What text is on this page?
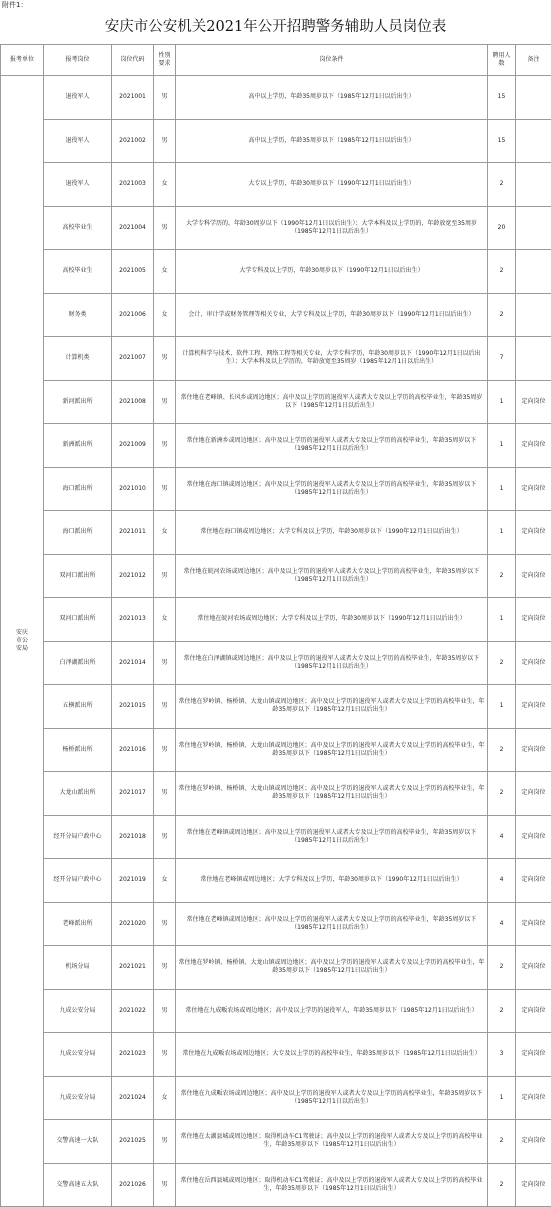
附件1：
安庆市公安机关2021年公开招聘警务辅助人员岗位表
报考单位	报考岗位	岗位代码	性别要求	岗位条件	聘用人数	备注
安庆市公安局	退役军人	2021001	男	高中以上学历，年龄35周岁以下（1985年12月1日以后出生）	15	
	退役军人	2021002	男	高中以上学历，年龄35周岁以下（1985年12月1日以后出生）	15	
	退役军人	2021003	女	大专以上学历，年龄30周岁以下（1990年12月1日以后出生）	2	
	高校毕业生	2021004	男	大学专科学历的，年龄30周岁以下（1990年12月1日以后出生）；大学本科及以上学历的，年龄放宽至35周岁（1985年12月1日以后出生）	20	
	高校毕业生	2021005	女	大学专科及以上学历，年龄30周岁以下（1990年12月1日以后出生）	2	
	财务类	2021006	女	会计、审计学或财务管理等相关专业，大学专科及以上学历，年龄30周岁以下（1990年12月1日以后出生）	2	
	计算机类	2021007	男	计算机科学与技术、软件工程、网络工程等相关专业，大学专科学历，年龄30周岁以下（1990年12月1日以后出生）；大学本科及以上学历的，年龄放宽至35周岁（1985年12月1日以后出生）	7	
	新河派出所	2021008	男	常住地在老峰镇、长风乡或周边地区；高中及以上学历的退役军人或者大专及以上学历的高校毕业生，年龄35周岁以下（1985年12月1日以后出生）	1	定向岗位
	新洲派出所	2021009	男	常住地在新洲乡或周边地区；高中及以上学历的退役军人或者大专及以上学历的高校毕业生，年龄35周岁以下（1985年12月1日以后出生）	1	定向岗位
	海口派出所	2021010	男	常住地在海口镇或周边地区；高中及以上学历的退役军人或者大专及以上学历的高校毕业生，年龄35周岁以下（1985年12月1日以后出生）	1	定向岗位
	海口派出所	2021011	女	常住地在海口镇或周边地区；大学专科及以上学历，年龄30周岁以下（1990年12月1日以后出生）	1	定向岗位
	双河口派出所	2021012	男	常住地在皖河农场或周边地区；高中及以上学历的退役军人或者大专及以上学历的高校毕业生，年龄35周岁以下（1985年12月1日以后出生）	2	定向岗位
	双河口派出所	2021013	女	常住地在皖河农场或周边地区；大学专科及以上学历，年龄30周岁以下（1990年12月1日以后出生）	1	定向岗位
	白泽湖派出所	2021014	男	常住地在白泽湖镇或周边地区；高中及以上学历的退役军人或者大专及以上学历的高校毕业生，年龄35周岁以下（1985年12月1日以后出生）	2	定向岗位
	五横派出所	2021015	男	常住地在罗岭镇、杨桥镇、大龙山镇或周边地区；高中及以上学历的退役军人或者大专及以上学历的高校毕业生，年龄35周岁以下（1985年12月1日以后出生）	1	定向岗位
	杨桥派出所	2021016	男	常住地在罗岭镇、杨桥镇、大龙山镇或周边地区；高中及以上学历的退役军人或者大专及以上学历的高校毕业生，年龄35周岁以下（1985年12月1日以后出生）	2	定向岗位
	大龙山派出所	2021017	男	常住地在罗岭镇、杨桥镇、大龙山镇或周边地区；高中及以上学历的退役军人或者大专及以上学历的高校毕业生，年龄35周岁以下（1985年12月1日以后出生）	2	定向岗位
	经开分局户政中心	2021018	男	常住地在老峰镇或周边地区；高中及以上学历的退役军人或者大专及以上学历的高校毕业生，年龄35周岁以下（1985年12月1日以后出生）	4	定向岗位
	经开分局户政中心	2021019	女	常住地在老峰镇或周边地区；大学专科及以上学历，年龄30周岁以下（1990年12月1日以后出生）	4	定向岗位
	老峰派出所	2021020	男	常住地在老峰镇或周边地区；高中及以上学历的退役军人或者大专及以上学历的高校毕业生，年龄35周岁以下（1985年12月1日以后出生）	4	定向岗位
	机场分局	2021021	男	常住地在罗岭镇、杨桥镇、大龙山镇或周边地区；高中及以上学历的退役军人或者大专及以上学历的高校毕业生，年龄35周岁以下（1985年12月1日以后出生）	2	定向岗位
	九成公安分局	2021022	男	常住地在九成畈农场或周边地区；高中及以上学历的退役军人，年龄35周岁以下（1985年12月1日以后出生）	2	定向岗位
	九成公安分局	2021023	男	常住地在九成畈农场或周边地区；大专及以上学历的高校毕业生，年龄35周岁以下（1985年12月1日以后出生）	3	定向岗位
	九成公安分局	2021024	女	常住地在九成畈农场或周边地区；高中及以上学历的退役军人或者大专及以上学历的高校毕业生，年龄35周岁以下（1985年12月1日以后出生）	1	定向岗位
	交警高速一大队	2021025	男	常住地在太湖县城或周边地区；取得机动车C1驾驶证；高中及以上学历的退役军人或者大专及以上学历的高校毕业生，年龄35周岁以下（1985年12月1日以后出生）	2	定向岗位
	交警高速五大队	2021026	男	常住地在岳西县城或周边地区；取得机动车C1驾驶证；高中及以上学历的退役军人或者大专及以上学历的高校毕业生，年龄35周岁以下（1985年12月1日以后出生）	2	定向岗位
